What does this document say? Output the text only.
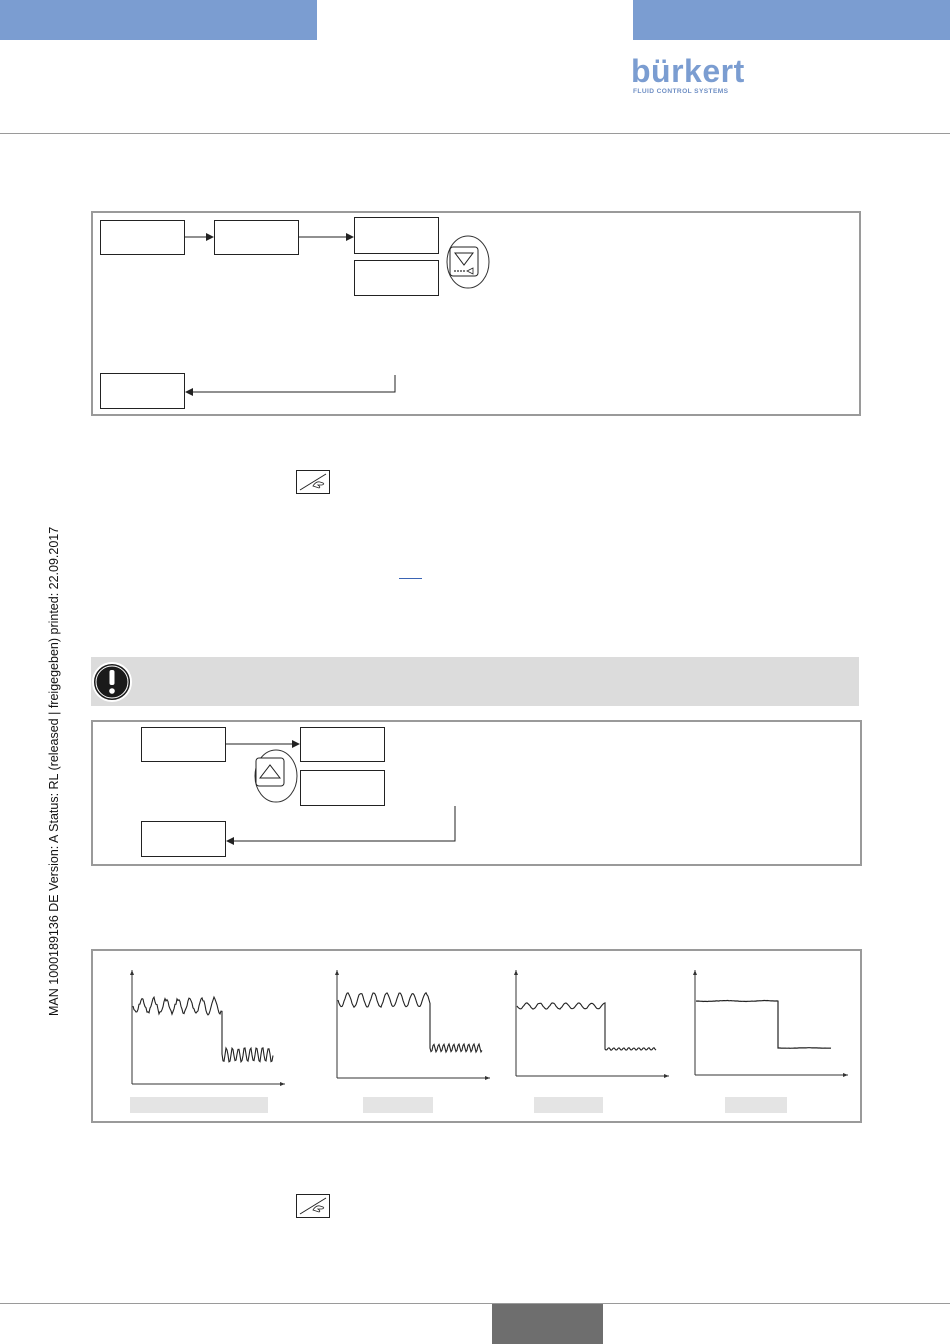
bürkert
FLUID CONTROL SYSTEMS
MAN 1000189136 DE Version: A Status: RL (released | freigegeben) printed: 22.09.2017
